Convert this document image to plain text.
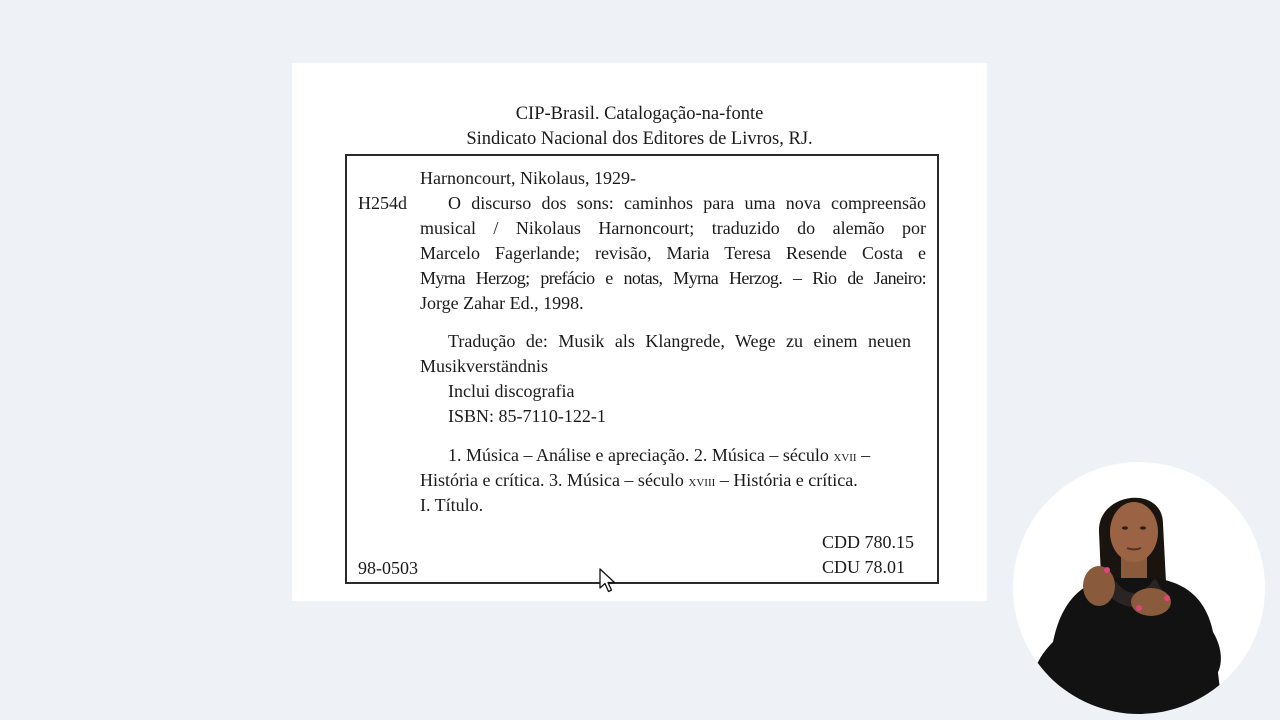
CIP-Brasil. Catalogação-na-fonte
Sindicato Nacional dos Editores de Livros, RJ.
Harnoncourt, Nikolaus, 1929-
H254d O discurso dos sons: caminhos para uma nova compreensão
musical / Nikolaus Harnoncourt; traduzido do alemão por
Marcelo Fagerlande; revisão, Maria Teresa Resende Costa e
Myrna Herzog; prefácio e notas, Myrna Herzog. – Rio de Janeiro:
Jorge Zahar Ed., 1998.
Tradução de: Musik als Klangrede, Wege zu einem neuen
Musikverständnis
Inclui discografia
ISBN: 85-7110-122-1
1. Música – Análise e apreciação. 2. Música – século xvii –
História e crítica. 3. Música – século xviii – História e crítica.
I. Título.
CDD 780.15
CDU 78.01
98-0503
